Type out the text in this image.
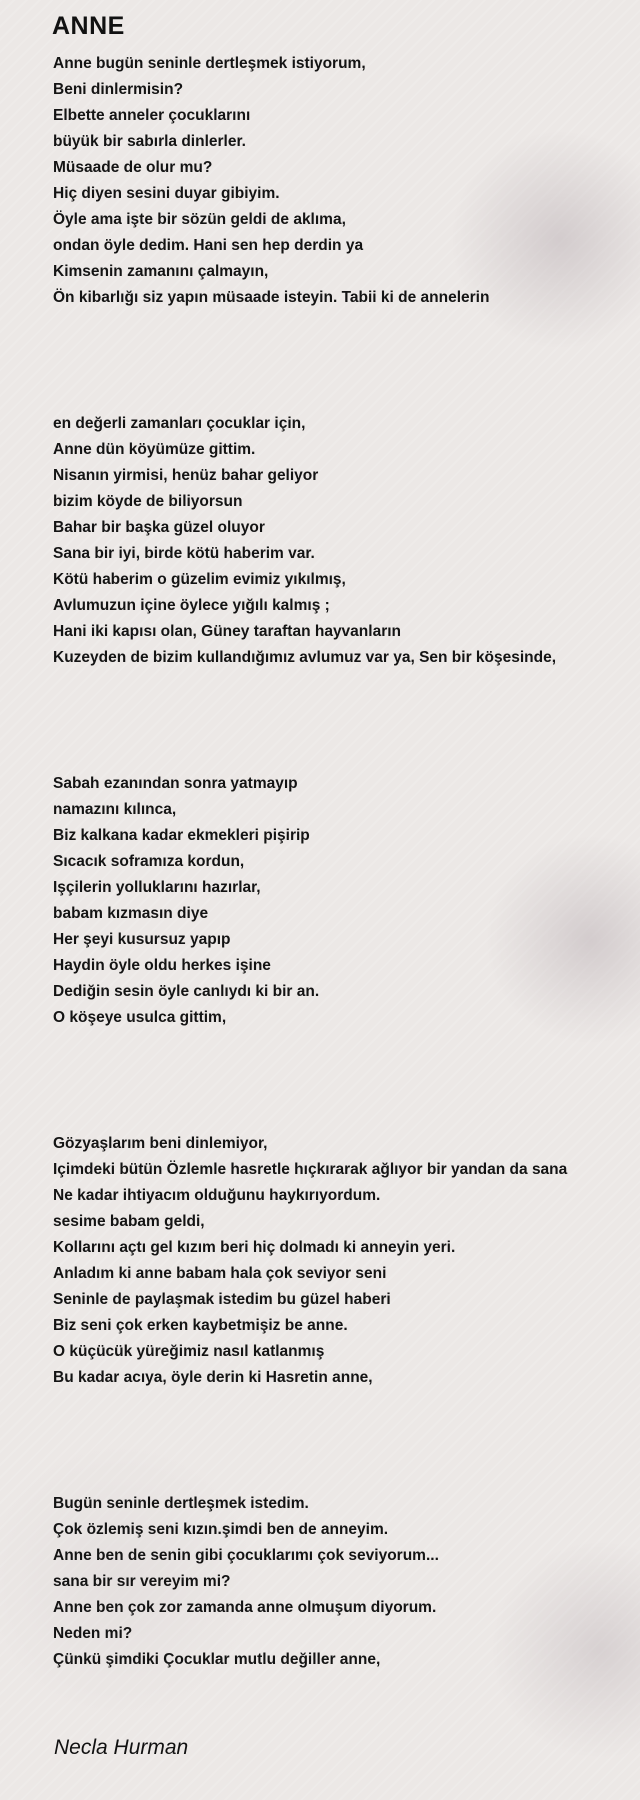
ANNE
Anne bugün seninle dertleşmek istiyorum,
Beni dinlermisin?
Elbette anneler çocuklarını
büyük bir sabırla dinlerler.
Müsaade de olur mu?
Hiç diyen sesini duyar gibiyim.
Öyle ama işte bir sözün geldi de aklıma,
ondan öyle dedim. Hani sen hep derdin ya
Kimsenin zamanını çalmayın,
Ön kibarlığı siz yapın müsaade isteyin. Tabii ki de annelerin
en değerli zamanları çocuklar için,
Anne dün köyümüze gittim.
Nisanın yirmisi, henüz bahar geliyor
bizim köyde de biliyorsun
Bahar bir başka güzel oluyor
Sana bir iyi, birde kötü haberim var.
Kötü haberim o güzelim evimiz yıkılmış,
Avlumuzun içine öylece yığılı kalmış ;
Hani iki kapısı olan, Güney taraftan hayvanların
Kuzeyden de bizim kullandığımız avlumuz var ya, Sen bir köşesinde,
Sabah ezanından sonra yatmayıp
namazını kılınca,
Biz kalkana kadar ekmekleri pişirip
Sıcacık soframıza kordun,
Işçilerin yolluklarını hazırlar,
babam kızmasın diye
Her şeyi kusursuz yapıp
Haydin öyle oldu herkes işine
Dediğin sesin öyle canlıydı ki bir an.
O köşeye usulca gittim,
Gözyaşlarım beni dinlemiyor,
Içimdeki bütün Özlemle hasretle hıçkırarak ağlıyor bir yandan da sana
Ne kadar ihtiyacım olduğunu haykırıyordum.
sesime babam geldi,
Kollarını açtı gel kızım beri hiç dolmadı ki anneyin yeri.
Anladım ki anne babam hala çok seviyor seni
Seninle de paylaşmak istedim bu güzel haberi
Biz seni çok erken kaybetmişiz be anne.
O küçücük yüreğimiz nasıl katlanmış
Bu kadar acıya, öyle derin ki Hasretin anne,
Bugün seninle dertleşmek istedim.
Çok özlemiş seni kızın.şimdi ben de anneyim.
Anne ben de senin gibi çocuklarımı çok seviyorum...
sana bir sır vereyim mi?
Anne ben çok zor zamanda anne olmuşum diyorum.
Neden mi?
Çünkü şimdiki Çocuklar mutlu değiller anne,
Necla Hurman
